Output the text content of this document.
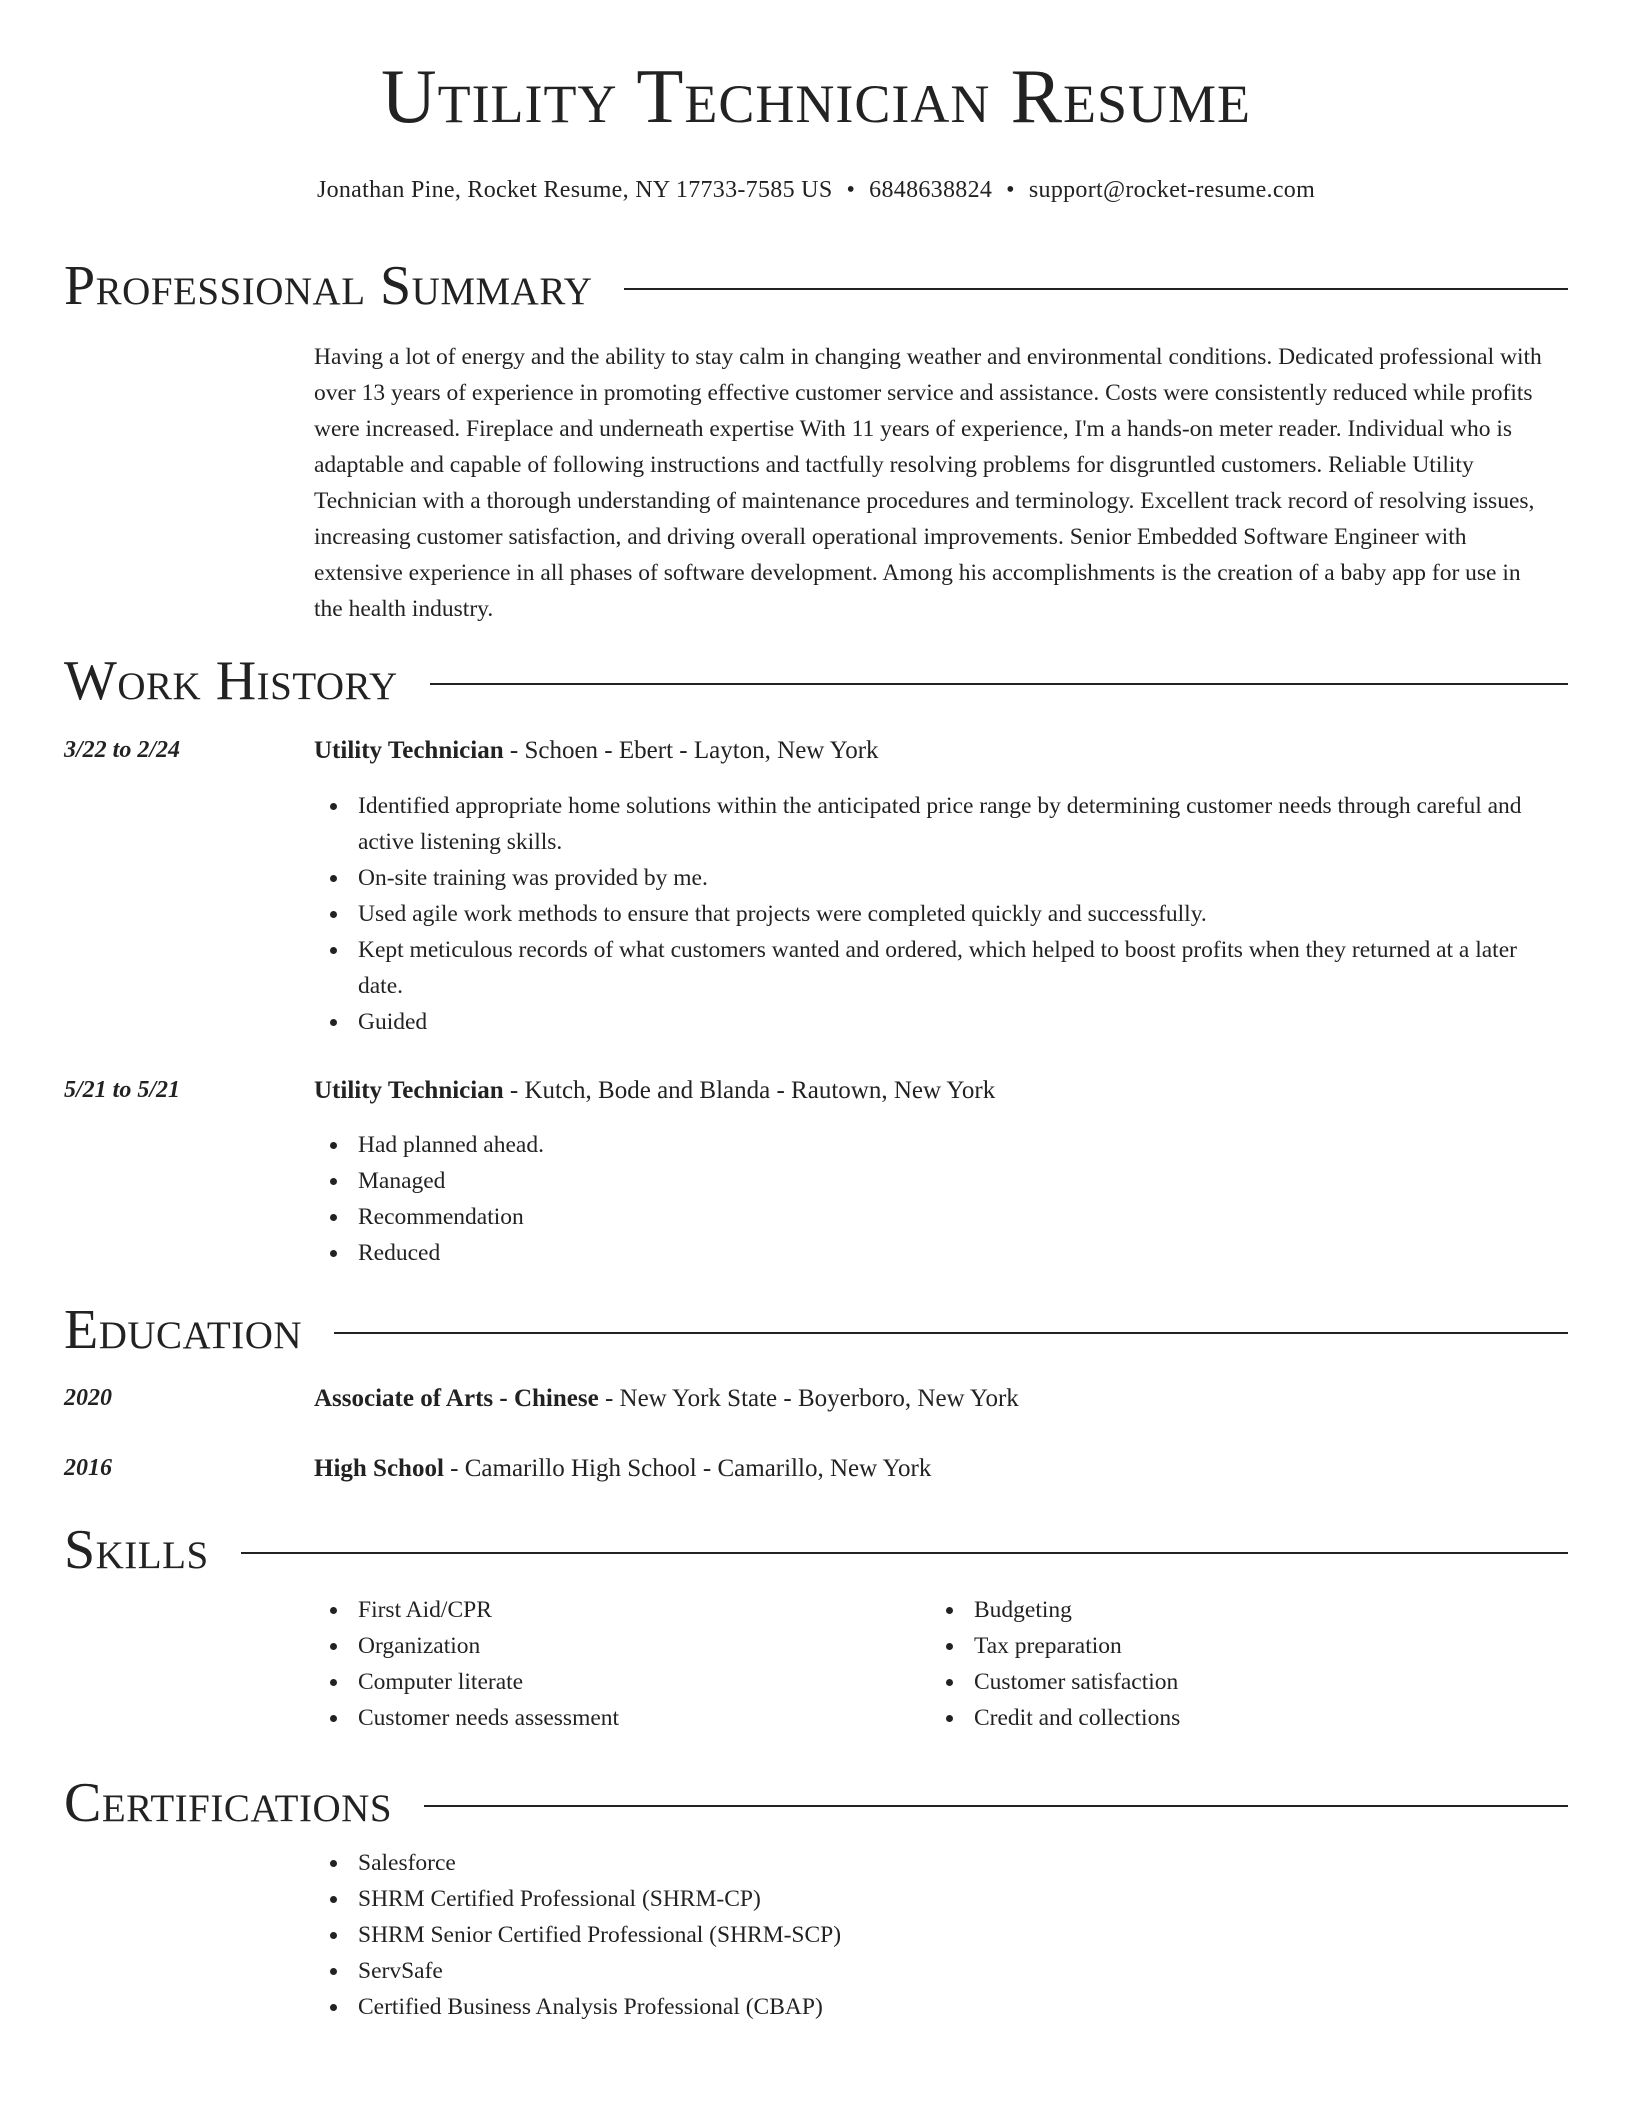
Utility Technician Resume
Jonathan Pine, Rocket Resume, NY 17733-7585 US • 6848638824 • support@rocket-resume.com
Professional Summary
Having a lot of energy and the ability to stay calm in changing weather and environmental conditions. Dedicated professional with over 13 years of experience in promoting effective customer service and assistance. Costs were consistently reduced while profits were increased. Fireplace and underneath expertise With 11 years of experience, I'm a hands-on meter reader. Individual who is adaptable and capable of following instructions and tactfully resolving problems for disgruntled customers. Reliable Utility Technician with a thorough understanding of maintenance procedures and terminology. Excellent track record of resolving issues, increasing customer satisfaction, and driving overall operational improvements. Senior Embedded Software Engineer with extensive experience in all phases of software development. Among his accomplishments is the creation of a baby app for use in the health industry.
Work History
3/22 to 2/24	Utility Technician - Schoen - Ebert - Layton, New York
Identified appropriate home solutions within the anticipated price range by determining customer needs through careful and active listening skills.
On-site training was provided by me.
Used agile work methods to ensure that projects were completed quickly and successfully.
Kept meticulous records of what customers wanted and ordered, which helped to boost profits when they returned at a later date.
Guided
5/21 to 5/21	Utility Technician - Kutch, Bode and Blanda - Rautown, New York
Had planned ahead.
Managed
Recommendation
Reduced
Education
2020	Associate of Arts - Chinese - New York State - Boyerboro, New York
2016	High School - Camarillo High School - Camarillo, New York
Skills
First Aid/CPR
Organization
Computer literate
Customer needs assessment
Budgeting
Tax preparation
Customer satisfaction
Credit and collections
Certifications
Salesforce
SHRM Certified Professional (SHRM-CP)
SHRM Senior Certified Professional (SHRM-SCP)
ServSafe
Certified Business Analysis Professional (CBAP)
